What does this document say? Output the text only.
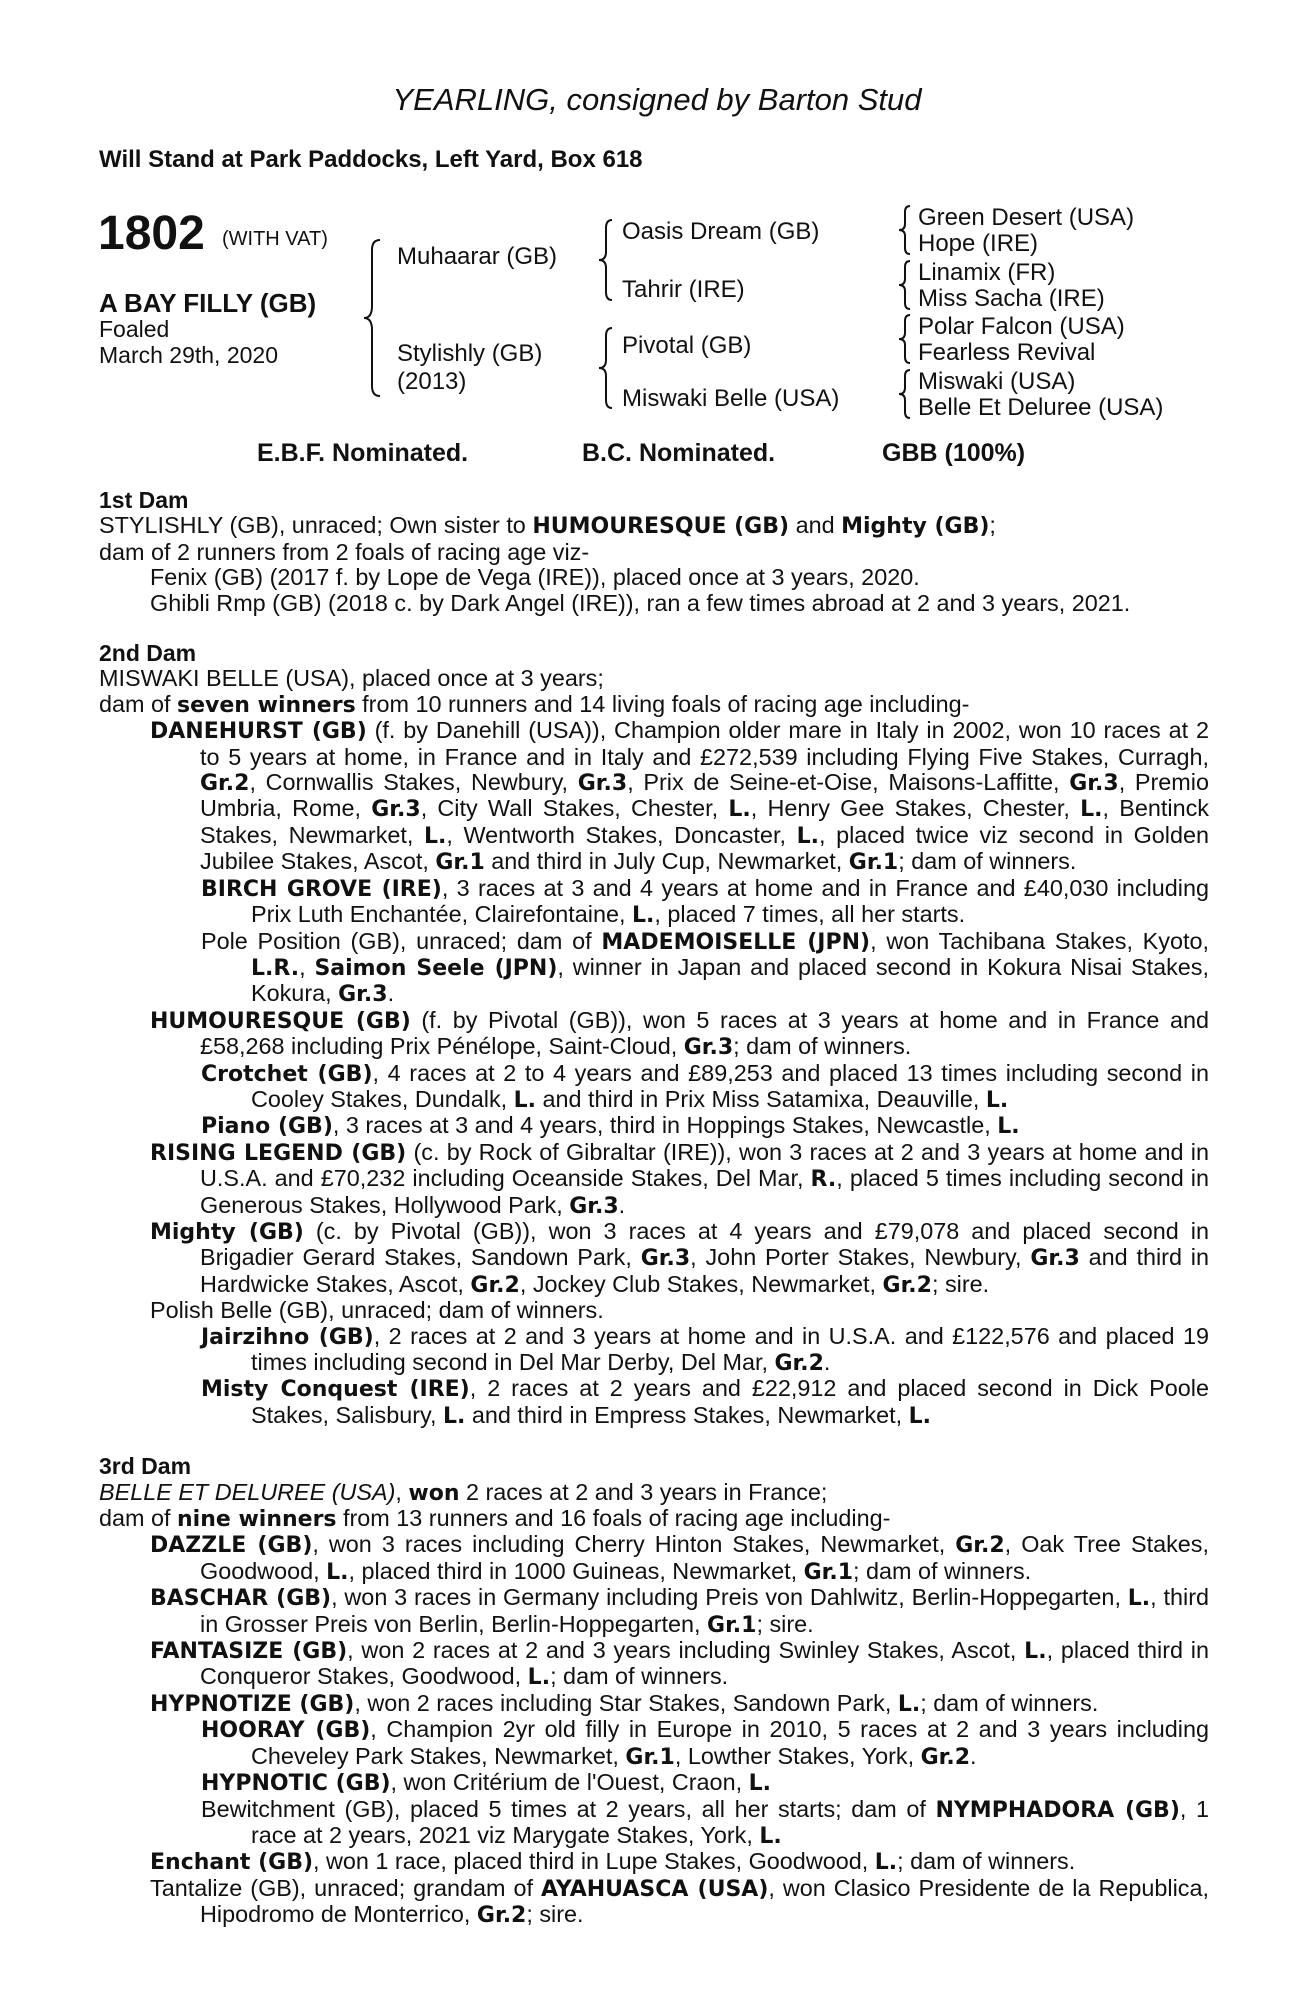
YEARLING, consigned by Barton Stud
Will Stand at Park Paddocks, Left Yard, Box 618
1802 (WITH VAT)
A BAY FILLY (GB)
Foaled
March 29th, 2020
Muhaarar (GB)
Stylishly (GB)
(2013)
Oasis Dream (GB)
Tahrir (IRE)
Pivotal (GB)
Miswaki Belle (USA)
Green Desert (USA)
Hope (IRE)
Linamix (FR)
Miss Sacha (IRE)
Polar Falcon (USA)
Fearless Revival
Miswaki (USA)
Belle Et Deluree (USA)
E.B.F. Nominated.	B.C. Nominated.	GBB (100%)

1st Dam

STYLISHLY (GB), unraced; Own sister to HUMOURESQUE (GB) and Mighty (GB);

dam of 2 runners from 2 foals of racing age viz-

Fenix (GB) (2017 f. by Lope de Vega (IRE)), placed once at 3 years, 2020.

Ghibli Rmp (GB) (2018 c. by Dark Angel (IRE)), ran a few times abroad at 2 and 3 years, 2021.

2nd Dam

MISWAKI BELLE (USA), placed once at 3 years;

dam of seven winners from 10 runners and 14 living foals of racing age including-

DANEHURST (GB) (f. by Danehill (USA)), Champion older mare in Italy in 2002, won 10 races at 2 to 5 years at home, in France and in Italy and £272,539 including Flying Five Stakes, Curragh, Gr.2, Cornwallis Stakes, Newbury, Gr.3, Prix de Seine-et-Oise, Maisons-Laffitte, Gr.3, Premio Umbria, Rome, Gr.3, City Wall Stakes, Chester, L., Henry Gee Stakes, Chester, L., Bentinck Stakes, Newmarket, L., Wentworth Stakes, Doncaster, L., placed twice viz second in Golden Jubilee Stakes, Ascot, Gr.1 and third in July Cup, Newmarket, Gr.1; dam of winners.

BIRCH GROVE (IRE), 3 races at 3 and 4 years at home and in France and £40,030 including Prix Luth Enchantée, Clairefontaine, L., placed 7 times, all her starts.

Pole Position (GB), unraced; dam of MADEMOISELLE (JPN), won Tachibana Stakes, Kyoto, L.R., Saimon Seele (JPN), winner in Japan and placed second in Kokura Nisai Stakes, Kokura, Gr.3.

HUMOURESQUE (GB) (f. by Pivotal (GB)), won 5 races at 3 years at home and in France and £58,268 including Prix Pénélope, Saint-Cloud, Gr.3; dam of winners.

Crotchet (GB), 4 races at 2 to 4 years and £89,253 and placed 13 times including second in Cooley Stakes, Dundalk, L. and third in Prix Miss Satamixa, Deauville, L.

Piano (GB), 3 races at 3 and 4 years, third in Hoppings Stakes, Newcastle, L.

RISING LEGEND (GB) (c. by Rock of Gibraltar (IRE)), won 3 races at 2 and 3 years at home and in U.S.A. and £70,232 including Oceanside Stakes, Del Mar, R., placed 5 times including second in Generous Stakes, Hollywood Park, Gr.3.

Mighty (GB) (c. by Pivotal (GB)), won 3 races at 4 years and £79,078 and placed second in Brigadier Gerard Stakes, Sandown Park, Gr.3, John Porter Stakes, Newbury, Gr.3 and third in Hardwicke Stakes, Ascot, Gr.2, Jockey Club Stakes, Newmarket, Gr.2; sire.

Polish Belle (GB), unraced; dam of winners.

Jairzihno (GB), 2 races at 2 and 3 years at home and in U.S.A. and £122,576 and placed 19 times including second in Del Mar Derby, Del Mar, Gr.2.

Misty Conquest (IRE), 2 races at 2 years and £22,912 and placed second in Dick Poole Stakes, Salisbury, L. and third in Empress Stakes, Newmarket, L.

3rd Dam

BELLE ET DELUREE (USA), won 2 races at 2 and 3 years in France;

dam of nine winners from 13 runners and 16 foals of racing age including-

DAZZLE (GB), won 3 races including Cherry Hinton Stakes, Newmarket, Gr.2, Oak Tree Stakes, Goodwood, L., placed third in 1000 Guineas, Newmarket, Gr.1; dam of winners.

BASCHAR (GB), won 3 races in Germany including Preis von Dahlwitz, Berlin-Hoppegarten, L., third in Grosser Preis von Berlin, Berlin-Hoppegarten, Gr.1; sire.

FANTASIZE (GB), won 2 races at 2 and 3 years including Swinley Stakes, Ascot, L., placed third in Conqueror Stakes, Goodwood, L.; dam of winners.

HYPNOTIZE (GB), won 2 races including Star Stakes, Sandown Park, L.; dam of winners.

HOORAY (GB), Champion 2yr old filly in Europe in 2010, 5 races at 2 and 3 years including Cheveley Park Stakes, Newmarket, Gr.1, Lowther Stakes, York, Gr.2.

HYPNOTIC (GB), won Critérium de l'Ouest, Craon, L.

Bewitchment (GB), placed 5 times at 2 years, all her starts; dam of NYMPHADORA (GB), 1 race at 2 years, 2021 viz Marygate Stakes, York, L.

Enchant (GB), won 1 race, placed third in Lupe Stakes, Goodwood, L.; dam of winners.

Tantalize (GB), unraced; grandam of AYAHUASCA (USA), won Clasico Presidente de la Republica, Hipodromo de Monterrico, Gr.2; sire.
